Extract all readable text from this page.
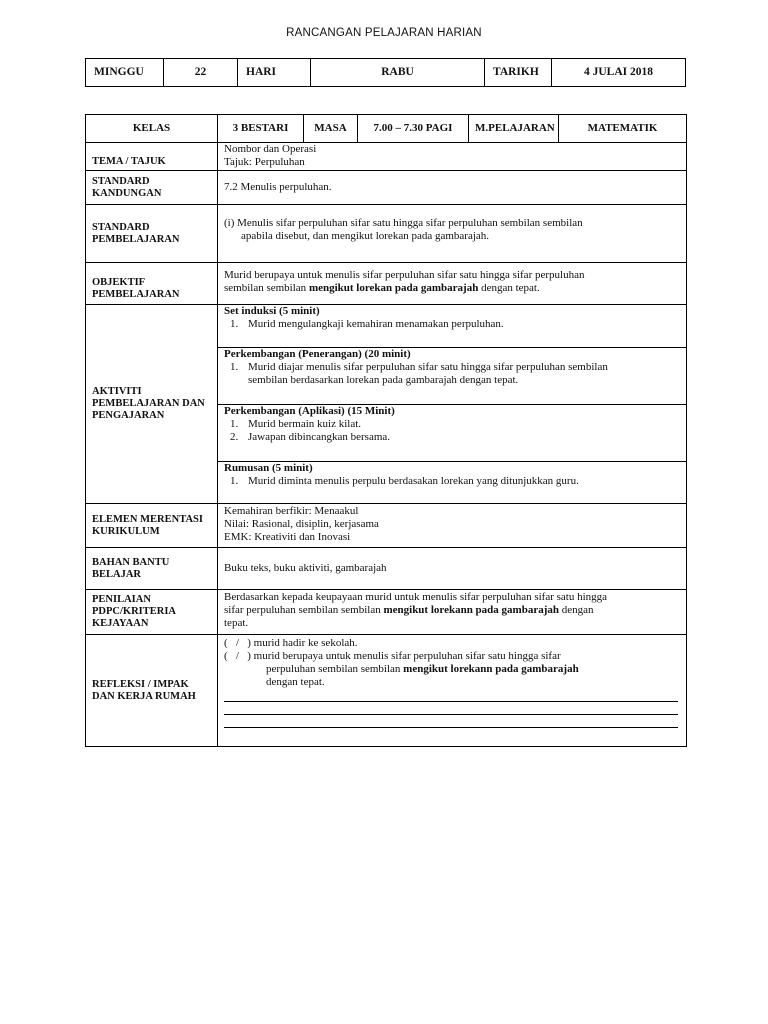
RANCANGAN PELAJARAN HARIAN
MINGGU	22	HARI	RABU	TARIKH	4 JULAI 2018
KELAS	3 BESTARI	MASA	7.00 – 7.30 PAGI	M.PELAJARAN	MATEMATIK
TEMA / TAJUK	Nombor dan Operasi
Tajuk: Perpuluhan				

STANDARD KANDUNGAN	7.2 Menulis perpuluhan.				
STANDARD PEMBELAJARAN	(i) Menulis sifar perpuluhan sifar satu hingga sifar perpuluhan sembilan sembilan
apabila disebut, dan mengikut lorekan pada gambarajah.				

OBJEKTIF PEMBELAJARAN	Murid berupaya untuk menulis sifar perpuluhan sifar satu hingga sifar perpuluhan
sembilan sembilan mengikut lorekan pada gambarajah dengan tepat.				

AKTIVITI PEMBELAJARAN DAN PENGAJARAN	Set induksi (5 minit)
1. Murid mengulangkaji kemahiran menamakan perpuluhan.				

	Perkembangan (Penerangan) (20 minit)
1. Murid diajar menulis sifar perpuluhan sifar satu hingga sifar perpuluhan sembilan
sembilan berdasarkan lorekan pada gambarajah dengan tepat.				

	Perkembangan (Aplikasi) (15 Minit)
1. Murid bermain kuiz kilat.
2. Jawapan dibincangkan bersama.				

	Rumusan (5 minit)
1. Murid diminta menulis perpulu berdasakan lorekan yang ditunjukkan guru.				

ELEMEN MERENTASI KURIKULUM	Kemahiran berfikir: Menaakul
Nilai: Rasional, disiplin, kerjasama
EMK: Kreativiti dan Inovasi				

BAHAN BANTU BELAJAR	Buku teks, buku aktiviti, gambarajah				
PENILAIAN PDPC/KRITERIA KEJAYAAN	Berdasarkan kepada keupayaan murid untuk menulis sifar perpuluhan sifar satu hingga
sifar perpuluhan sembilan sembilan mengikut lorekann pada gambarajah dengan
tepat.				

REFLEKSI / IMPAK DAN KERJA RUMAH	(   /   ) murid hadir ke sekolah.
(   /   ) murid berupaya untuk menulis sifar perpuluhan sifar satu hingga sifar
perpuluhan sembilan sembilan mengikut lorekann pada gambarajah
dengan tepat.				
